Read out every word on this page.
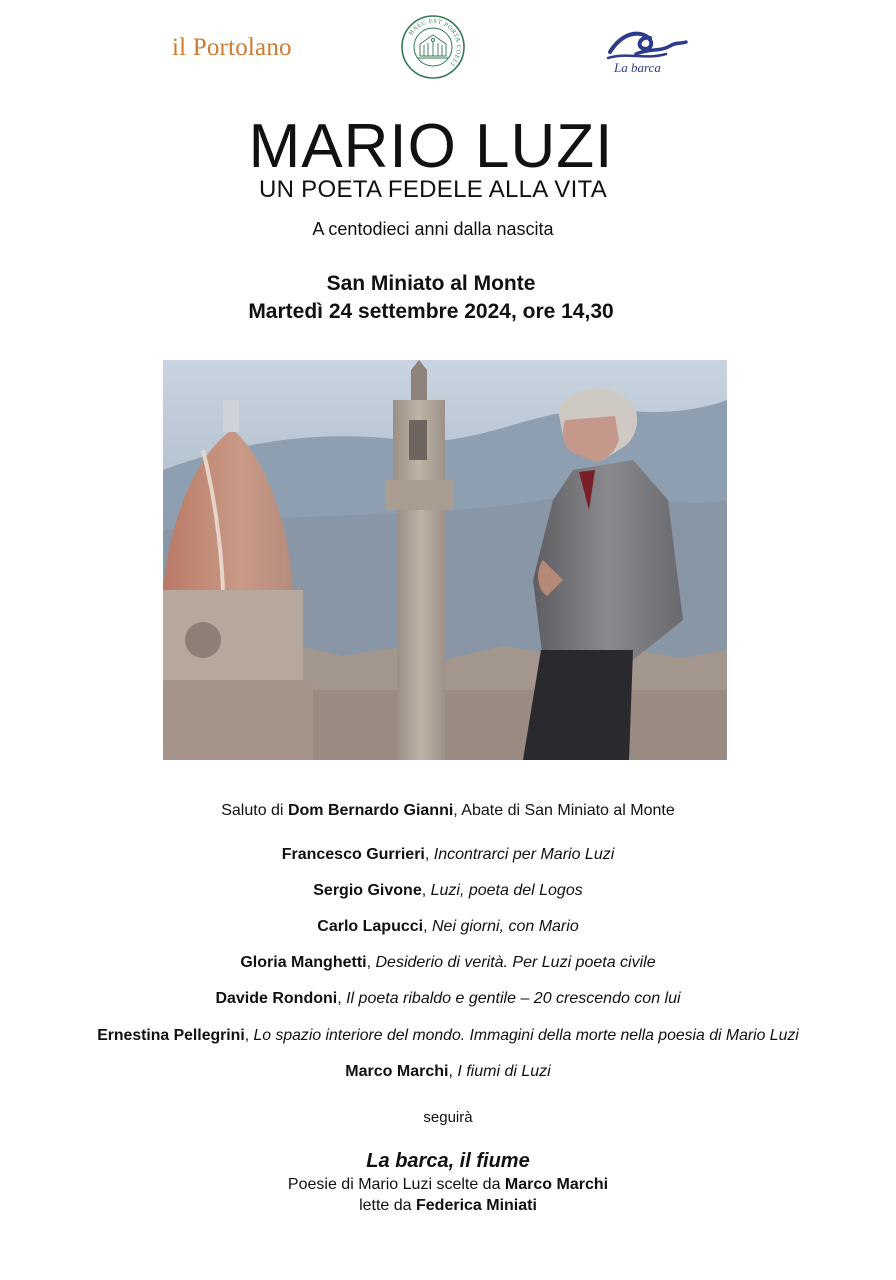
il Portolano
HAEC EST PORTA COELI	La barca
MARIO LUZI
UN POETA FEDELE ALLA VITA
A centodieci anni dalla nascita
San Miniato al Monte
Martedì 24 settembre 2024, ore 14,30
Saluto di Dom Bernardo Gianni, Abate di San Miniato al Monte
Francesco Gurrieri, Incontrarci per Mario Luzi
Sergio Givone, Luzi, poeta del Logos
Carlo Lapucci, Nei giorni, con Mario
Gloria Manghetti, Desiderio di verità. Per Luzi poeta civile
Davide Rondoni, Il poeta ribaldo e gentile – 20 crescendo con lui
Ernestina Pellegrini, Lo spazio interiore del mondo. Immagini della morte nella poesia di Mario Luzi
Marco Marchi, I fiumi di Luzi
seguirà
La barca, il fiume
Poesie di Mario Luzi scelte da Marco Marchi
lette da Federica Miniati
